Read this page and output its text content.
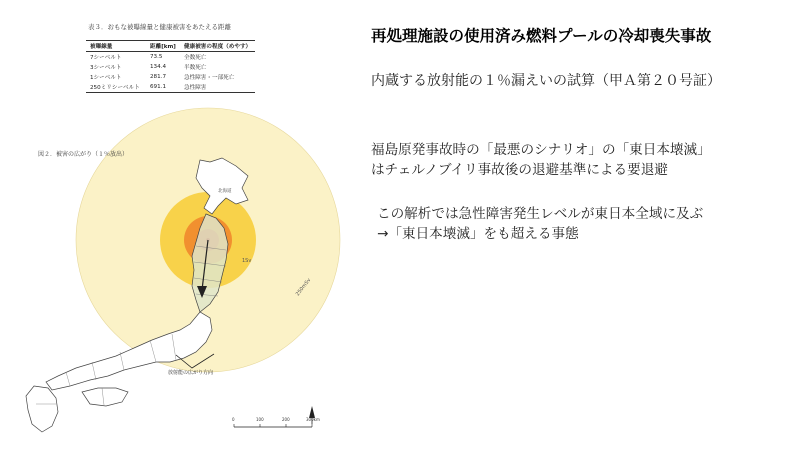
放射能の広がり方向
1Sv
250mSv
北海道
0	100	200	300km
表３．おもな被曝線量と健康被害をあたえる距離
被曝線量	距離[km]	健康被害の程度（めやす）
7シーベルト	73.5	全数死亡
3シーベルト	134.4	半数死亡
1シーベルト	281.7	急性障害・一部死亡
250ミリシーベルト	691.1	急性障害
図２．被害の広がり（１％放出）
再処理施設の使用済み燃料プールの冷却喪失事故
内蔵する放射能の１％漏えいの試算（甲Ａ第２０号証）
福島原発事故時の「最悪のシナリオ」の「東日本壊滅」
はチェルノブイリ事故後の退避基準による要退避
この解析では急性障害発生レベルが東日本全域に及ぶ
→「東日本壊滅」をも超える事態
